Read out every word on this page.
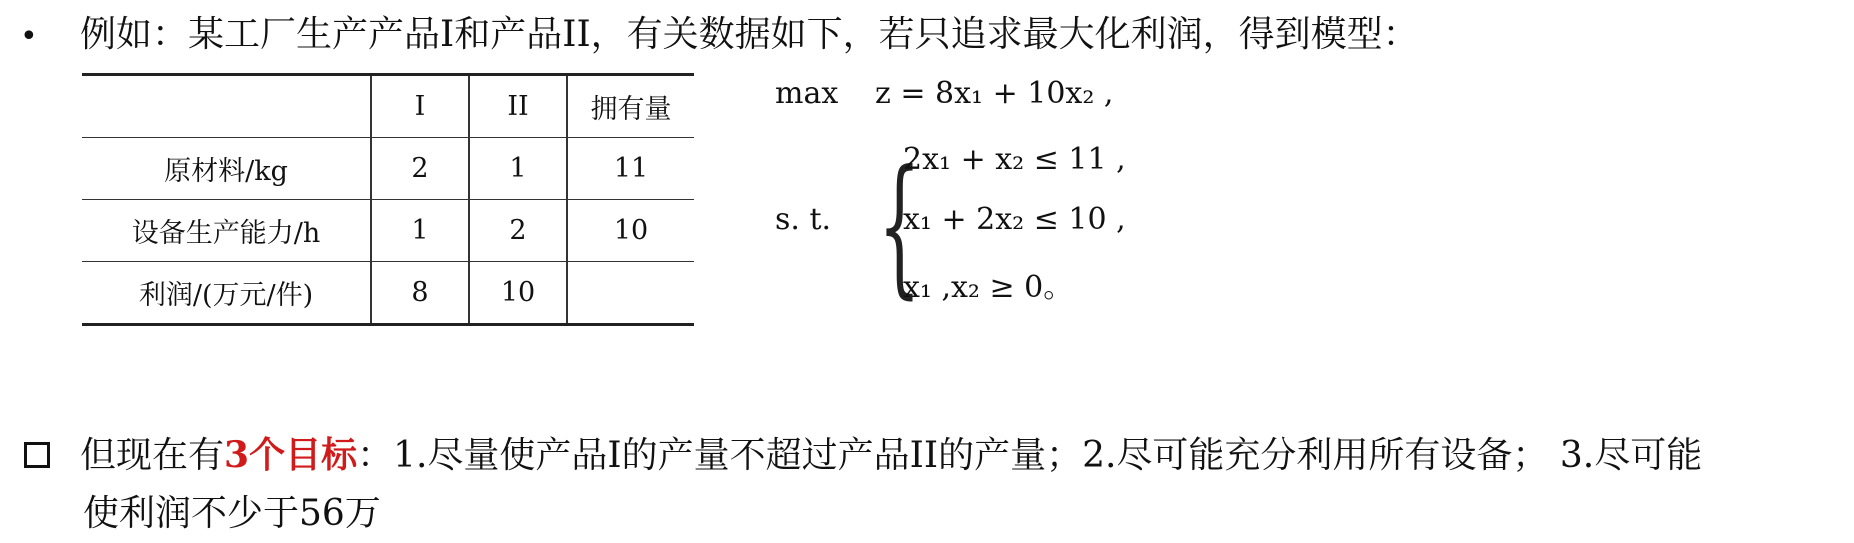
• 例如：某工厂生产产品I和产品II，有关数据如下，若只追求最大化利润，得到模型：
	I	II	拥有量
原材料/kg	2	1	11
设备生产能力/h	1	2	10
利润/(万元/件)	8	10	
max z = 8x₁ + 10x₂ ,
s. t. {
2x₁ + x₂ ≤ 11 ,
x₁ + 2x₂ ≤ 10 ,
x₁ ,x₂ ≥ 0。
但现在有3个目标：1.尽量使产品I的产量不超过产品II的产量；2.尽可能充分利用所有设备； 3.尽可能
使利润不少于56万
